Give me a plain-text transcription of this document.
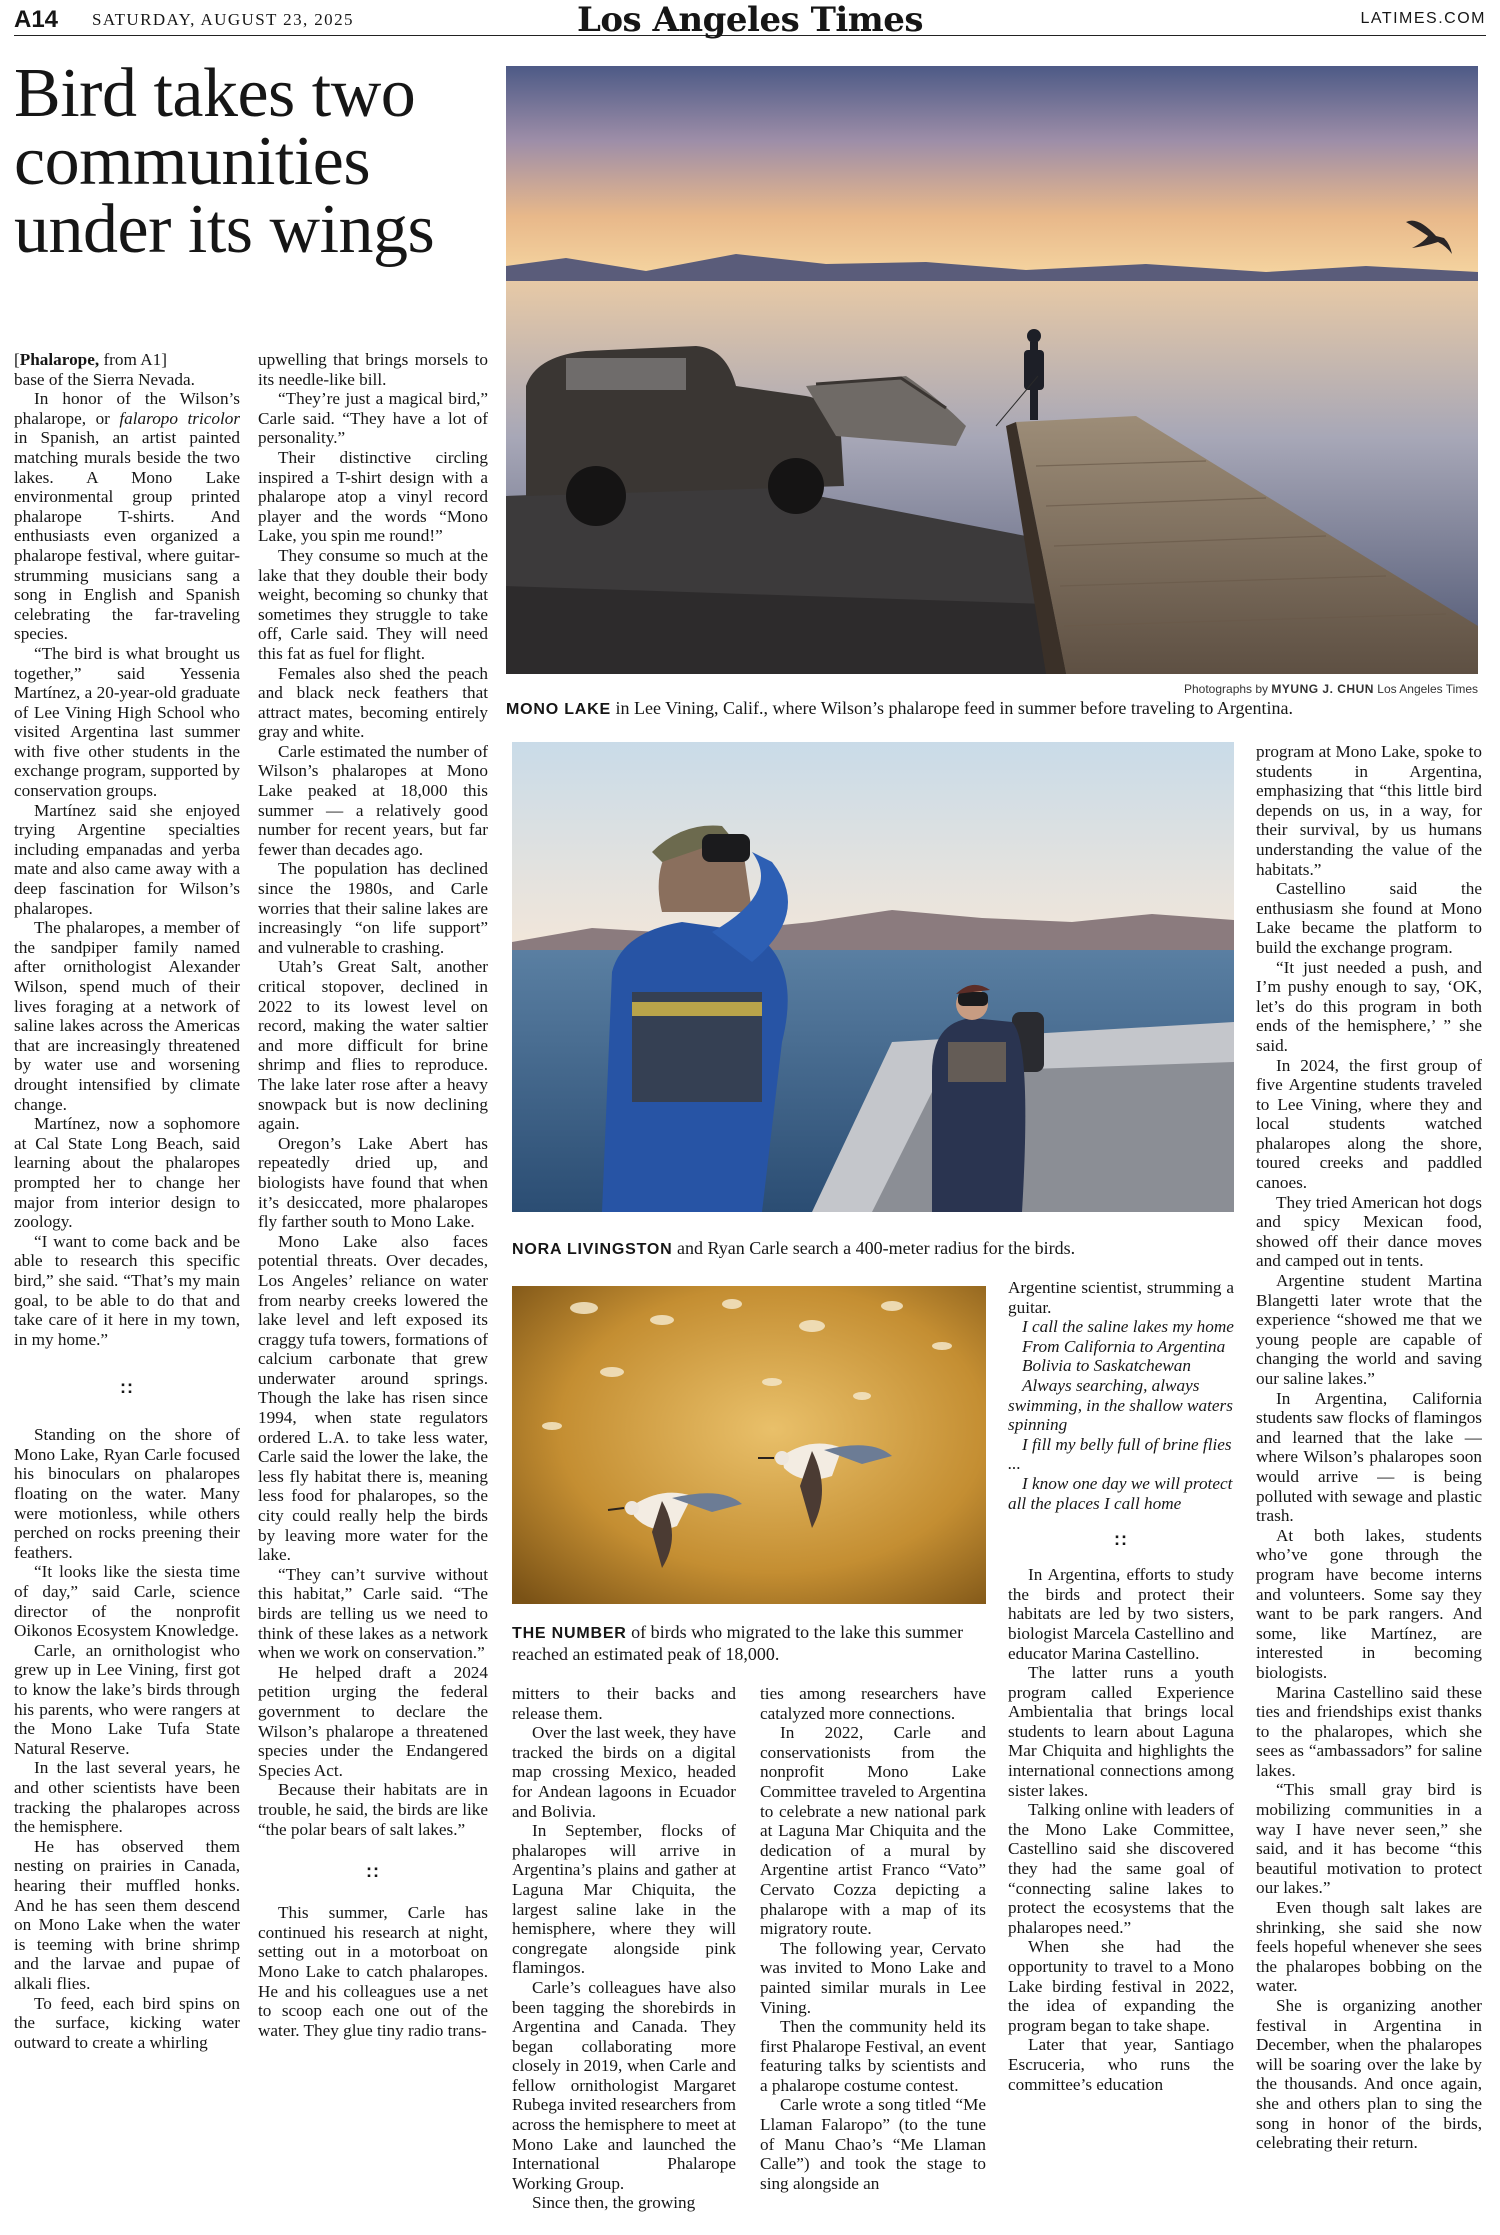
A14 SATURDAY, AUGUST 23, 2025	Los Angeles Times	LATIMES.COM
Bird takes two communities under its wings
Photographs by MYUNG J. CHUN Los Angeles Times
MONO LAKE in Lee Vining, Calif., where Wilson’s phalarope feed in summer before traveling to Argentina.
NORA LIVINGSTON and Ryan Carle search a 400-meter radius for the birds.
THE NUMBER of birds who migrated to the lake this summer reached an estimated peak of 18,000.

[Phalarope, from A1]

base of the Sierra Nevada.

In honor of the Wilson’s phalarope, or falaropo tricolor in Spanish, an artist painted matching murals beside the two lakes. A Mono Lake environmental group printed phalarope T-shirts. And enthusiasts even organized a phalarope festival, where guitar-strumming musicians sang a song in English and Spanish celebrating the far-traveling species.

“The bird is what brought us together,” said Yessenia Martínez, a 20-year-old graduate of Lee Vining High School who visited Argentina last summer with five other students in the exchange program, supported by conservation groups.

Martínez said she enjoyed trying Argentine specialties including empanadas and yerba mate and also came away with a deep fascination for Wilson’s phalaropes.

The phalaropes, a member of the sandpiper family named after ornithologist Alexander Wilson, spend much of their lives foraging at a network of saline lakes across the Americas that are increasingly threatened by water use and worsening drought intensified by climate change.

Martínez, now a sophomore at Cal State Long Beach, said learning about the phalaropes prompted her to change her major from interior design to zoology.

“I want to come back and be able to research this specific bird,” she said. “That’s my main goal, to be able to do that and take care of it here in my town, in my home.”

::

Standing on the shore of Mono Lake, Ryan Carle focused his binoculars on phalaropes floating on the water. Many were motionless, while others perched on rocks preening their feathers.

“It looks like the siesta time of day,” said Carle, science director of the nonprofit Oikonos Ecosystem Knowledge.

Carle, an ornithologist who grew up in Lee Vining, first got to know the lake’s birds through his parents, who were rangers at the Mono Lake Tufa State Natural Reserve.

In the last several years, he and other scientists have been tracking the phalaropes across the hemisphere.

He has observed them nesting on prairies in Canada, hearing their muffled honks. And he has seen them descend on Mono Lake when the water is teeming with brine shrimp and the larvae and pupae of alkali flies.

To feed, each bird spins on the surface, kicking water outward to create a whirling

upwelling that brings morsels to its needle-like bill.

“They’re just a magical bird,” Carle said. “They have a lot of personality.”

Their distinctive circling inspired a T-shirt design with a phalarope atop a vinyl record player and the words “Mono Lake, you spin me round!”

They consume so much at the lake that they double their body weight, becoming so chunky that sometimes they struggle to take off, Carle said. They will need this fat as fuel for flight.

Females also shed the peach and black neck feathers that attract mates, becoming entirely gray and white.

Carle estimated the number of Wilson’s phalaropes at Mono Lake peaked at 18,000 this summer — a relatively good number for recent years, but far fewer than decades ago.

The population has declined since the 1980s, and Carle worries that their saline lakes are increasingly “on life support” and vulnerable to crashing.

Utah’s Great Salt, another critical stopover, declined in 2022 to its lowest level on record, making the water saltier and more difficult for brine shrimp and flies to reproduce. The lake later rose after a heavy snowpack but is now declining again.

Oregon’s Lake Abert has repeatedly dried up, and biologists have found that when it’s desiccated, more phalaropes fly farther south to Mono Lake.

Mono Lake also faces potential threats. Over decades, Los Angeles’ reliance on water from nearby creeks lowered the lake level and left exposed its craggy tufa towers, formations of calcium carbonate that grew underwater around springs. Though the lake has risen since 1994, when state regulators ordered L.A. to take less water, Carle said the lower the lake, the less fly habitat there is, meaning less food for phalaropes, so the city could really help the birds by leaving more water for the lake.

“They can’t survive without this habitat,” Carle said. “The birds are telling us we need to think of these lakes as a network when we work on conservation.”

He helped draft a 2024 petition urging the federal government to declare the Wilson’s phalarope a threatened species under the Endangered Species Act.

Because their habitats are in trouble, he said, the birds are like “the polar bears of salt lakes.”

::

This summer, Carle has continued his research at night, setting out in a motorboat on Mono Lake to catch phalaropes. He and his colleagues use a net to scoop each one out of the water. They glue tiny radio trans-

mitters to their backs and release them.

Over the last week, they have tracked the birds on a digital map crossing Mexico, headed for Andean lagoons in Ecuador and Bolivia.

In September, flocks of phalaropes will arrive in Argentina’s plains and gather at Laguna Mar Chiquita, the largest saline lake in the hemisphere, where they will congregate alongside pink flamingos.

Carle’s colleagues have also been tagging the shorebirds in Argentina and Canada. They began collaborating more closely in 2019, when Carle and fellow ornithologist Margaret Rubega invited researchers from across the hemisphere to meet at Mono Lake and launched the International Phalarope Working Group.

Since then, the growing

ties among researchers have catalyzed more connections.

In 2022, Carle and conservationists from the nonprofit Mono Lake Committee traveled to Argentina to celebrate a new national park at Laguna Mar Chiquita and the dedication of a mural by Argentine artist Franco “Vato” Cervato Cozza depicting a phalarope with a map of its migratory route.

The following year, Cervato was invited to Mono Lake and painted similar murals in Lee Vining.

Then the community held its first Phalarope Festival, an event featuring talks by scientists and a phalarope costume contest.

Carle wrote a song titled “Me Llaman Falaropo” (to the tune of Manu Chao’s “Me Llaman Calle”) and took the stage to sing alongside an

Argentine scientist, strumming a guitar.

I call the saline lakes my home

From California to Argentina

Bolivia to Saskatchewan

Always searching, always swimming, in the shallow waters spinning

I fill my belly full of brine flies ...

I know one day we will protect all the places I call home

::

In Argentina, efforts to study the birds and protect their habitats are led by two sisters, biologist Marcela Castellino and educator Marina Castellino.

The latter runs a youth program called Experience Ambientalia that brings local students to learn about Laguna Mar Chiquita and highlights the international connections among sister lakes.

Talking online with leaders of the Mono Lake Committee, Castellino said she discovered they had the same goal of “connecting saline lakes to protect the ecosystems that the phalaropes need.”

When she had the opportunity to travel to a Mono Lake birding festival in 2022, the idea of expanding the program began to take shape.

Later that year, Santiago Escruceria, who runs the committee’s education

program at Mono Lake, spoke to students in Argentina, emphasizing that “this little bird depends on us, in a way, for their survival, by us humans understanding the value of the habitats.”

Castellino said the enthusiasm she found at Mono Lake became the platform to build the exchange program.

“It just needed a push, and I’m pushy enough to say, ‘OK, let’s do this program in both ends of the hemisphere,’ ” she said.

In 2024, the first group of five Argentine students traveled to Lee Vining, where they and local students watched phalaropes along the shore, toured creeks and paddled canoes.

They tried American hot dogs and spicy Mexican food, showed off their dance moves and camped out in tents.

Argentine student Martina Blangetti later wrote that the experience “showed me that we young people are capable of changing the world and saving our saline lakes.”

In Argentina, California students saw flocks of flamingos and learned that the lake — where Wilson’s phalaropes soon would arrive — is being polluted with sewage and plastic trash.

At both lakes, students who’ve gone through the program have become interns and volunteers. Some say they want to be park rangers. And some, like Martínez, are interested in becoming biologists.

Marina Castellino said these ties and friendships exist thanks to the phalaropes, which she sees as “ambassadors” for saline lakes.

“This small gray bird is mobilizing communities in a way I have never seen,” she said, and it has become “this beautiful motivation to protect our lakes.”

Even though salt lakes are shrinking, she said she now feels hopeful whenever she sees the phalaropes bobbing on the water.

She is organizing another festival in Argentina in December, when the phalaropes will be soaring over the lake by the thousands. And once again, she and others plan to sing the song in honor of the birds, celebrating their return.
